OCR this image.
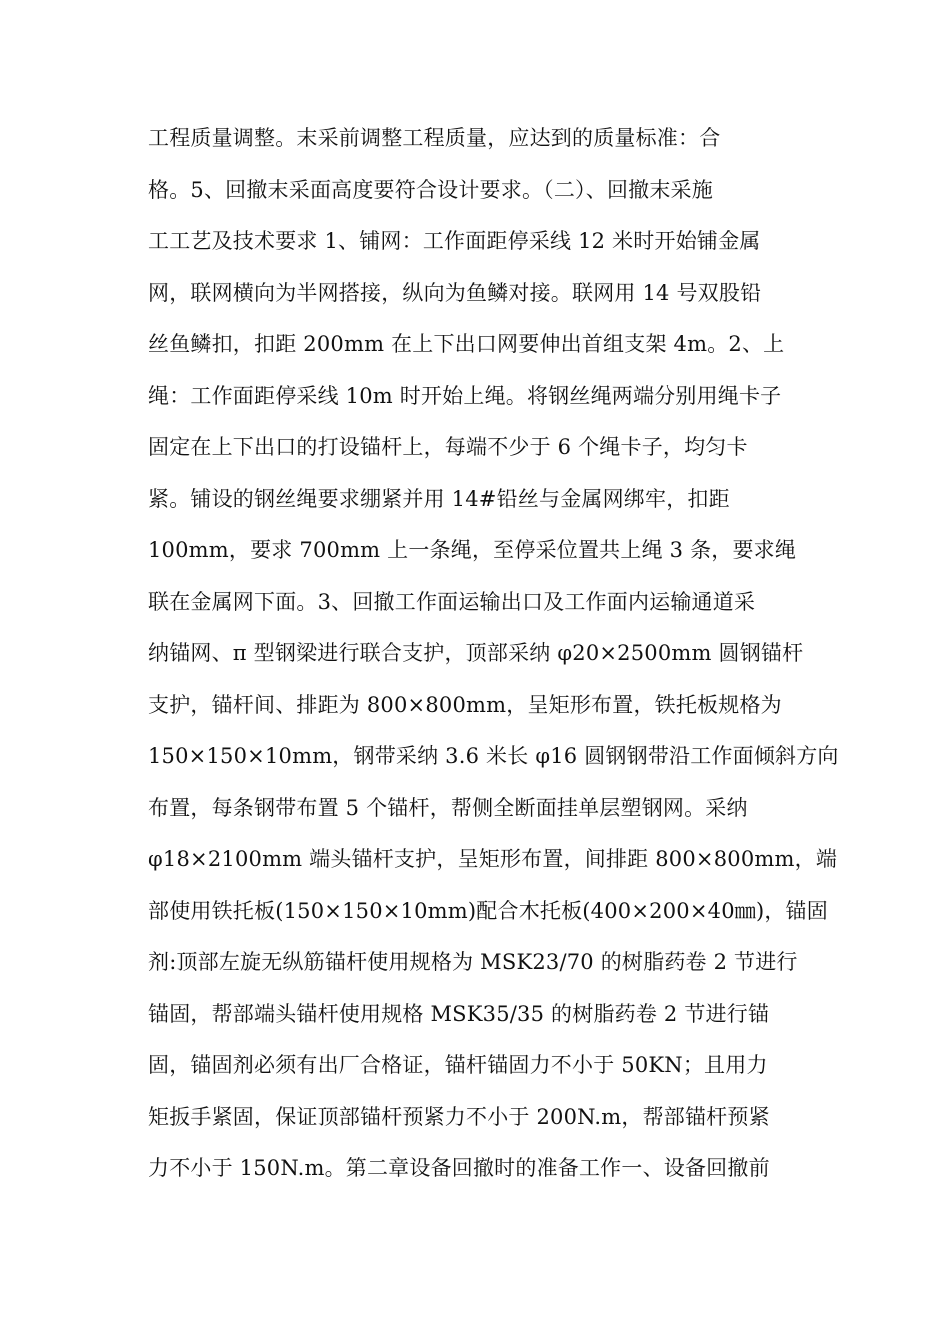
工程质量调整。末采前调整工程质量，应达到的质量标准：合
格。5、回撤末采面高度要符合设计要求。（二）、回撤末采施
工工艺及技术要求 1、铺网：工作面距停采线 12 米时开始铺金属
网，联网横向为半网搭接，纵向为鱼鳞对接。联网用 14 号双股铅
丝鱼鳞扣，扣距 200mm 在上下出口网要伸出首组支架 4m。2、上
绳：工作面距停采线 10m 时开始上绳。将钢丝绳两端分别用绳卡子
固定在上下出口的打设锚杆上，每端不少于 6 个绳卡子，均匀卡
紧。铺设的钢丝绳要求绷紧并用 14#铅丝与金属网绑牢，扣距
100mm，要求 700mm 上一条绳，至停采位置共上绳 3 条，要求绳
联在金属网下面。3、回撤工作面运输出口及工作面内运输通道采
纳锚网、π 型钢梁进行联合支护，顶部采纳 φ20×2500mm 圆钢锚杆
支护，锚杆间、排距为 800×800mm，呈矩形布置，铁托板规格为
150×150×10mm，钢带采纳 3.6 米长 φ16 圆钢钢带沿工作面倾斜方向
布置，每条钢带布置 5 个锚杆，帮侧全断面挂单层塑钢网。采纳
φ18×2100mm 端头锚杆支护，呈矩形布置，间排距 800×800mm，端
部使用铁托板(150×150×10mm)配合木托板(400×200×40㎜)，锚固
剂:顶部左旋无纵筋锚杆使用规格为 MSK23/70 的树脂药卷 2 节进行
锚固，帮部端头锚杆使用规格 MSK35/35 的树脂药卷 2 节进行锚
固，锚固剂必须有出厂合格证，锚杆锚固力不小于 50KN；且用力
矩扳手紧固，保证顶部锚杆预紧力不小于 200N.m，帮部锚杆预紧
力不小于 150N.m。第二章设备回撤时的准备工作一、设备回撤前
